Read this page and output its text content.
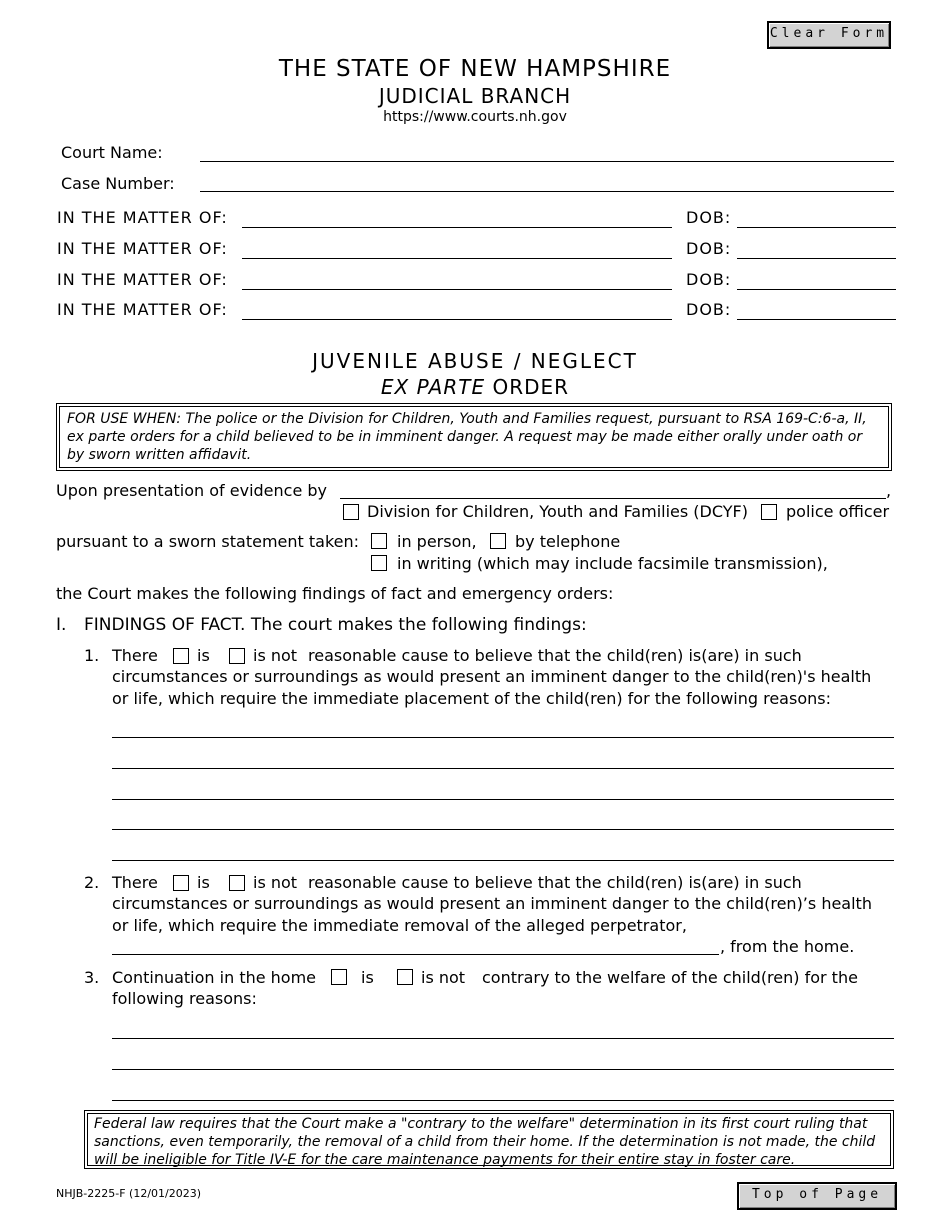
Clear Form
THE STATE OF NEW HAMPSHIRE
JUDICIAL BRANCH
https://www.courts.nh.gov
Court Name:
Case Number:
IN THE MATTER OF:	DOB:
IN THE MATTER OF:	DOB:
IN THE MATTER OF:	DOB:
IN THE MATTER OF:	DOB:
JUVENILE ABUSE / NEGLECT
EX PARTE ORDER
FOR USE WHEN: The police or the Division for Children, Youth and Families request, pursuant to RSA 169-C:6-a, II, ex parte orders for a child believed to be in imminent danger. A request may be made either orally under oath or by sworn written affidavit.
Upon presentation of evidence by	,
Division for Children, Youth and Families (DCYF) police officer
pursuant to a sworn statement taken: in person, by telephone
in writing (which may include facsimile transmission),
the Court makes the following findings of fact and emergency orders:
I. FINDINGS OF FACT. The court makes the following findings:
1. There is	is not reasonable cause to believe that the child(ren) is(are) in such
circumstances or surroundings as would present an imminent danger to the child(ren)'s health
or life, which require the immediate placement of the child(ren) for the following reasons:
2. There is	is not reasonable cause to believe that the child(ren) is(are) in such
circumstances or surroundings as would present an imminent danger to the child(ren)’s health
or life, which require the immediate removal of the alleged perpetrator,
, from the home.
3. Continuation in the home	is	is not contrary to the welfare of the child(ren) for the
following reasons:
Federal law requires that the Court make a "contrary to the welfare" determination in its first court ruling that sanctions, even temporarily, the removal of a child from their home. If the determination is not made, the child will be ineligible for Title IV-E for the care maintenance payments for their entire stay in foster care.
NHJB-2225-F (12/01/2023)	Top of Page
